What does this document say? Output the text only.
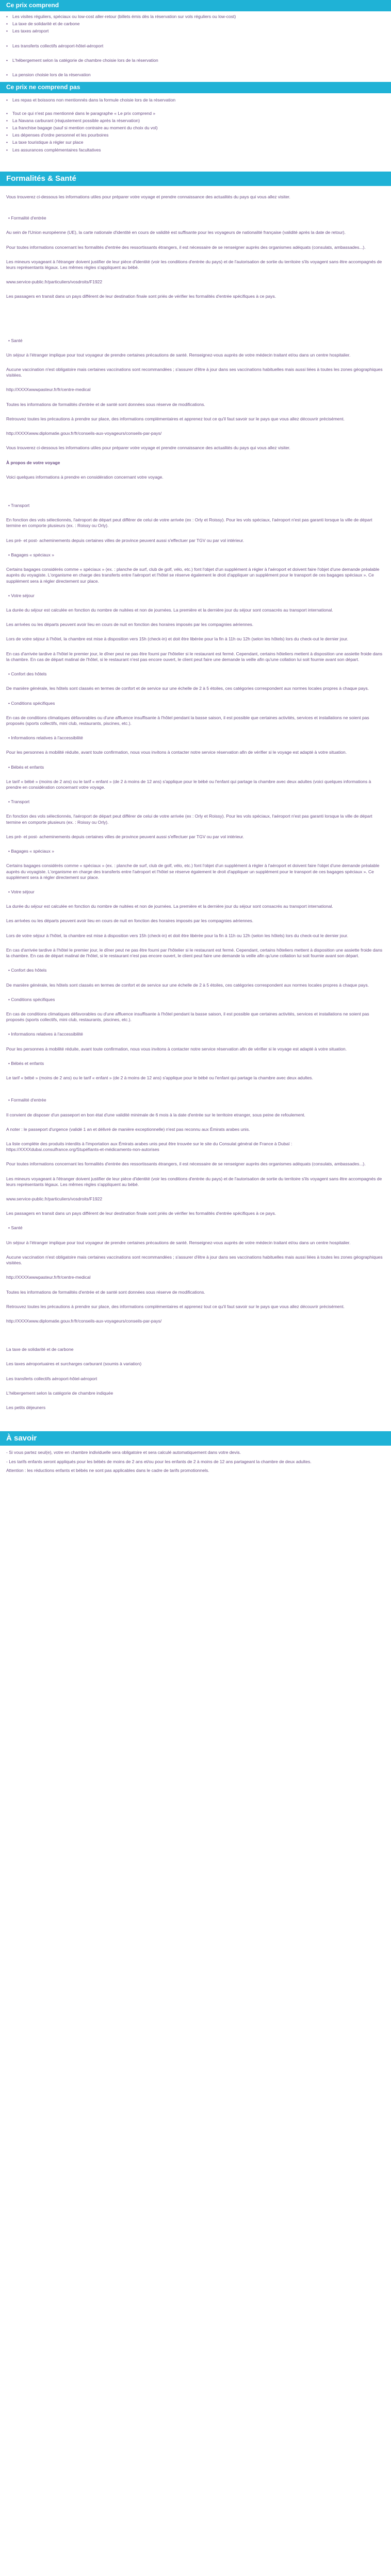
Ce prix comprend
•	Les visites réguliers, spéciaux ou low-cost aller-retour (billets émis dès la réservation sur vols réguliers ou low-cost)
•	La taxe de solidarité et de carbone
•	Les taxes aéroport
•	Les transferts collectifs aéroport-hôtel-aéroport
•	L'hébergement selon la catégorie de chambre choisie lors de la réservation
•	La pension choisie lors de la réservation
Ce prix ne comprend pas
•	Les repas et boissons non mentionnés dans la formule choisie lors de la réservation
•	Tout ce qui n'est pas mentionné dans le paragraphe « Le prix comprend »
•	La Navana carburant (réajustement possible après la réservation)
•	La franchise bagage (sauf si mention contraire au moment du choix du vol)
•	Les dépenses d'ordre personnel et les pourboires
•	La taxe touristique à régler sur place
•	Les assurances complémentaires facultatives
Formalités & Santé

Vous trouverez ci-dessous les informations utiles pour préparer votre voyage et prendre connaissance des actualités du pays qui vous allez visiter.

• Formalité d'entrée

Au sein de l'Union européenne (UE), la carte nationale d'identité en cours de validité est suffisante pour les voyageurs de nationalité française (validité après la date de retour).

Pour toutes informations concernant les formalités d'entrée des ressortissants étrangers, il est nécessaire de se renseigner auprès des organismes adéquats (consulats, ambassades...).

Les mineurs voyageant à l'étranger doivent justifier de leur pièce d'identité (voir les conditions d'entrée du pays) et de l'autorisation de sortie du territoire s'ils voyagent sans être accompagnés de leurs représentants légaux. Les mêmes règles s'appliquent au bébé.

www.service-public.fr/particuliers/vosdroits/F1922

Les passagers en transit dans un pays différent de leur destination finale sont priés de vérifier les formalités d'entrée spécifiques à ce pays.

• Santé

Un séjour à l'étranger implique pour tout voyageur de prendre certaines précautions de santé. Renseignez-vous auprès de votre médecin traitant et/ou dans un centre hospitalier.

Aucune vaccination n'est obligatoire mais certaines vaccinations sont recommandées ; s'assurer d'être à jour dans ses vaccinations habituelles mais aussi liées à toutes les zones géographiques visitées.

http://XXXXwwwpasteur.fr/fr/centre-medical

Toutes les informations de formalités d'entrée et de santé sont données sous réserve de modifications.

Retrouvez toutes les précautions à prendre sur place, des informations complémentaires et apprenez tout ce qu'il faut savoir sur le pays que vous allez découvrir précisément.

http://XXXXwww.diplomatie.gouv.fr/fr/conseils-aux-voyageurs/conseils-par-pays/

Vous trouverez ci-dessous les informations utiles pour préparer votre voyage et prendre connaissance des actualités du pays qui vous allez visiter.

À propos de votre voyage

Voici quelques informations à prendre en considération concernant votre voyage.

• Transport

En fonction des vols sélectionnés, l'aéroport de départ peut différer de celui de votre arrivée (ex : Orly et Roissy). Pour les vols spéciaux, l'aéroport n'est pas garanti lorsque la ville de départ termine en comporte plusieurs (ex. : Roissy ou Orly).

Les pré- et post- acheminements depuis certaines villes de province peuvent aussi s'effectuer par TGV ou par vol intérieur.

• Bagages « spéciaux »

Certains bagages considérés comme « spéciaux » (ex. : planche de surf, club de golf, vélo, etc.) font l'objet d'un supplément à régler à l'aéroport et doivent faire l'objet d'une demande préalable auprès du voyagiste. L'organisme en charge des transferts entre l'aéroport et l'hôtel se réserve également le droit d'appliquer un supplément pour le transport de ces bagages spéciaux ». Ce supplément sera à régler directement sur place.

• Votre séjour

La durée du séjour est calculée en fonction du nombre de nuitées et non de journées. La première et la dernière jour du séjour sont consacrés au transport international.

Les arrivées ou les départs peuvent avoir lieu en cours de nuit en fonction des horaires imposés par les compagnies aériennes.

Lors de votre séjour à l'hôtel, la chambre est mise à disposition vers 15h (check-in) et doit être libérée pour la fin à 11h ou 12h (selon les hôtels) lors du check-out le dernier jour.

En cas d'arrivée tardive à l'hôtel le premier jour, le dîner peut ne pas être fourni par l'hôtelier si le restaurant est fermé. Cependant, certains hôteliers mettent à disposition une assiette froide dans la chambre. En cas de départ matinal de l'hôtel, si le restaurant n'est pas encore ouvert, le client peut faire une demande la veille afin qu'une collation lui soit fournie avant son départ.

• Confort des hôtels

De manière générale, les hôtels sont classés en termes de confort et de service sur une échelle de 2 à 5 étoiles, ces catégories correspondent aux normes locales propres à chaque pays.

• Conditions spécifiques

En cas de conditions climatiques défavorables ou d'une affluence insuffisante à l'hôtel pendant la basse saison, il est possible que certaines activités, services et installations ne soient pas proposés (sports collectifs, mini club, restaurants, piscines, etc.).

• Informations relatives à l'accessibilité

Pour les personnes à mobilité réduite, avant toute confirmation, nous vous invitons à contacter notre service réservation afin de vérifier si le voyage est adapté à votre situation.

• Bébés et enfants

Le tarif « bébé » (moins de 2 ans) ou le tarif « enfant » (de 2 à moins de 12 ans) s'applique pour le bébé ou l'enfant qui partage la chambre avec deux adultes (voici quelques informations à prendre en considération concernant votre voyage.

• Transport

En fonction des vols sélectionnés, l'aéroport de départ peut différer de celui de votre arrivée (ex : Orly et Roissy). Pour les vols spéciaux, l'aéroport n'est pas garanti lorsque la ville de départ termine en comporte plusieurs (ex. : Roissy ou Orly).

Les pré- et post- acheminements depuis certaines villes de province peuvent aussi s'effectuer par TGV ou par vol intérieur.

• Bagages « spéciaux »

Certains bagages considérés comme « spéciaux » (ex. : planche de surf, club de golf, vélo, etc.) font l'objet d'un supplément à régler à l'aéroport et doivent faire l'objet d'une demande préalable auprès du voyagiste. L'organisme en charge des transferts entre l'aéroport et l'hôtel se réserve également le droit d'appliquer un supplément pour le transport de ces bagages spéciaux ». Ce supplément sera à régler directement sur place.

• Votre séjour

La durée du séjour est calculée en fonction du nombre de nuitées et non de journées. La première et la dernière jour du séjour sont consacrés au transport international.

Les arrivées ou les départs peuvent avoir lieu en cours de nuit en fonction des horaires imposés par les compagnies aériennes.

Lors de votre séjour à l'hôtel, la chambre est mise à disposition vers 15h (check-in) et doit être libérée pour la fin à 11h ou 12h (selon les hôtels) lors du check-out le dernier jour.

En cas d'arrivée tardive à l'hôtel le premier jour, le dîner peut ne pas être fourni par l'hôtelier si le restaurant est fermé. Cependant, certains hôteliers mettent à disposition une assiette froide dans la chambre. En cas de départ matinal de l'hôtel, si le restaurant n'est pas encore ouvert, le client peut faire une demande la veille afin qu'une collation lui soit fournie avant son départ.

• Confort des hôtels

De manière générale, les hôtels sont classés en termes de confort et de service sur une échelle de 2 à 5 étoiles, ces catégories correspondent aux normes locales propres à chaque pays.

• Conditions spécifiques

En cas de conditions climatiques défavorables ou d'une affluence insuffisante à l'hôtel pendant la basse saison, il est possible que certaines activités, services et installations ne soient pas proposés (sports collectifs, mini club, restaurants, piscines, etc.).

• Informations relatives à l'accessibilité

Pour les personnes à mobilité réduite, avant toute confirmation, nous vous invitons à contacter notre service réservation afin de vérifier si le voyage est adapté à votre situation.

• Bébés et enfants

Le tarif « bébé » (moins de 2 ans) ou le tarif « enfant » (de 2 à moins de 12 ans) s'applique pour le bébé ou l'enfant qui partage la chambre avec deux adultes.

• Formalité d'entrée

Il convient de disposer d'un passeport en bon état d'une validité minimale de 6 mois à la date d'entrée sur le territoire etranger, sous peine de refoulement.

A noter : le passeport d'urgence (validé 1 an et délivré de manière exceptionnelle) n'est pas reconnu aux Émirats arabes unis.

La liste complète des produits interdits à l'importation aux Émirats arabes unis peut être trouvée sur le site du Consulat général de France à Dubaï : https://XXXXdubai.consulfrance.org/Stupéfiants-et-médicaments-non-autorises

Pour toutes informations concernant les formalités d'entrée des ressortissants étrangers, il est nécessaire de se renseigner auprès des organismes adéquats (consulats, ambassades...).

Les mineurs voyageant à l'étranger doivent justifier de leur pièce d'identité (voir les conditions d'entrée du pays) et de l'autorisation de sortie du territoire s'ils voyagent sans être accompagnés de leurs représentants légaux. Les mêmes règles s'appliquent au bébé.

www.service-public.fr/particuliers/vosdroits/F1922

Les passagers en transit dans un pays différent de leur destination finale sont priés de vérifier les formalités d'entrée spécifiques à ce pays.

• Santé

Un séjour à l'étranger implique pour tout voyageur de prendre certaines précautions de santé. Renseignez-vous auprès de votre médecin traitant et/ou dans un centre hospitalier.

Aucune vaccination n'est obligatoire mais certaines vaccinations sont recommandées ; s'assurer d'être à jour dans ses vaccinations habituelles mais aussi liées à toutes les zones géographiques visitées.

http://XXXXwwwpasteur.fr/fr/centre-medical

Toutes les informations de formalités d'entrée et de santé sont données sous réserve de modifications.

Retrouvez toutes les précautions à prendre sur place, des informations complémentaires et apprenez tout ce qu'il faut savoir sur le pays que vous allez découvrir précisément.

http://XXXXwww.diplomatie.gouv.fr/fr/conseils-aux-voyageurs/conseils-par-pays/

La taxe de solidarité et de carbone

Les taxes aéroportuaires et surcharges carburant (soumis à variation)

Les transferts collectifs aéroport-hôtel-aéroport

L'hébergement selon la catégorie de chambre indiquée

Les petits déjeuners

À savoir

- Si vous partez seul(e), votre en chambre individuelle sera obligatoire et sera calculé automatiquement dans votre devis.

- Les tarifs enfants seront appliqués pour les bébés de moins de 2 ans et/ou pour les enfants de 2 à moins de 12 ans partageant la chambre de deux adultes.

Attention : les réductions enfants et bébés ne sont pas applicables dans le cadre de tarifs promotionnels.
